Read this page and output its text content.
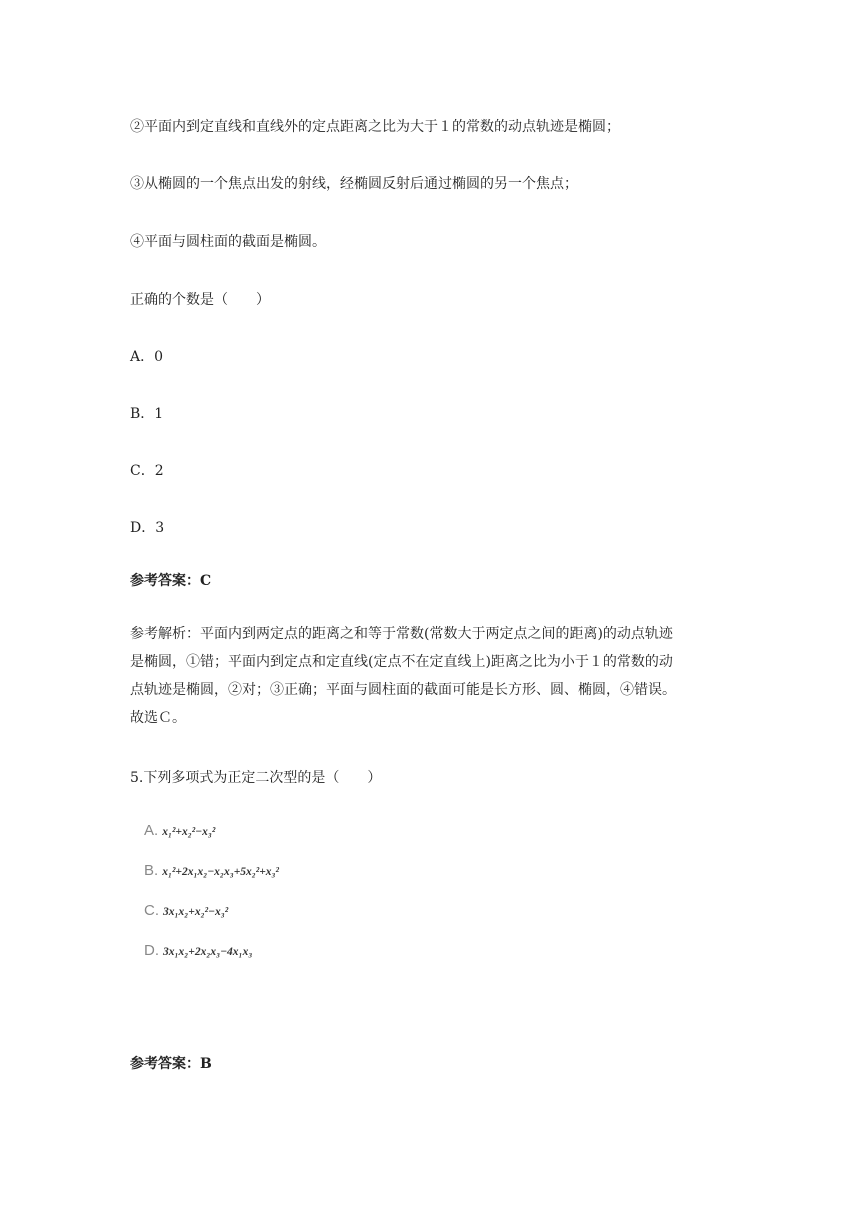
②平面内到定直线和直线外的定点距离之比为大于１的常数的动点轨迹是椭圆；
③从椭圆的一个焦点出发的射线，经椭圆反射后通过椭圆的另一个焦点；
④平面与圆柱面的截面是椭圆。
正确的个数是（　　）
A．0
B．1
C．2
D．3
参考答案：C
参考解析：平面内到两定点的距离之和等于常数(常数大于两定点之间的距离)的动点轨迹
是椭圆，①错；平面内到定点和定直线(定点不在定直线上)距离之比为小于１的常数的动
点轨迹是椭圆，②对；③正确；平面与圆柱面的截面可能是长方形、圆、椭圆，④错误。
故选Ｃ。
5.下列多项式为正定二次型的是（　　）
A. x₁²+x₂²−x₃²
B. x₁²+2x₁x₂−x₂x₃+5x₂²+x₃²
C. 3x₁x₂+x₂²−x₃²
D. 3x₁x₂+2x₂x₃−4x₁x₃
参考答案：B
